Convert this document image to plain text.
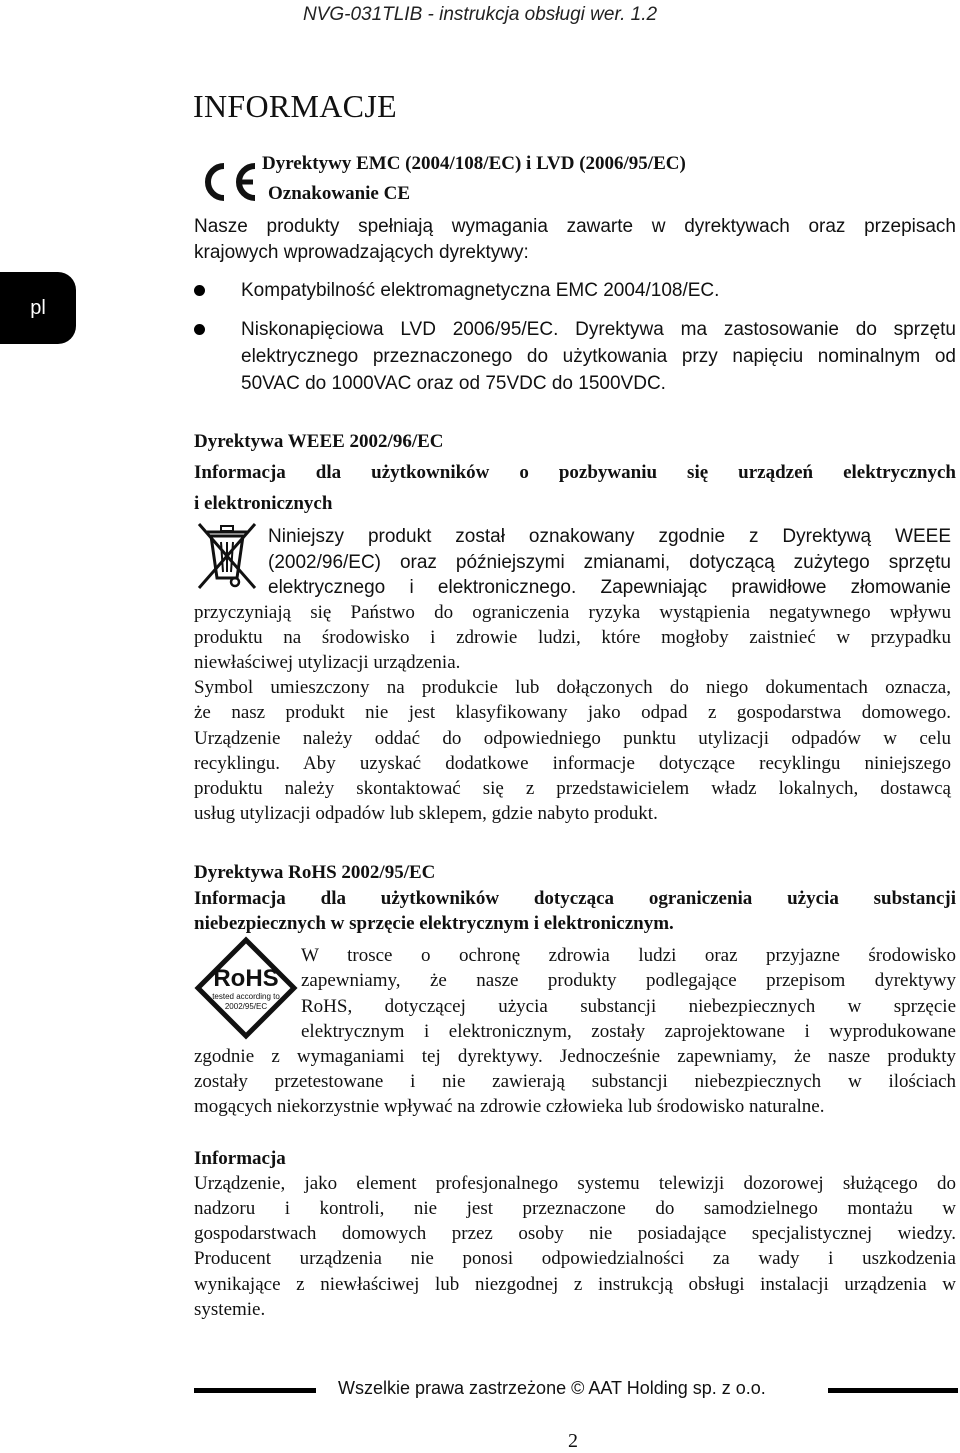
NVG-031TLIB - instrukcja obsługi wer. 1.2
pl
INFORMACJE
Dyrektywy EMC (2004/108/EC) i LVD (2006/95/EC)
Oznakowanie CE
Nasze produkty spełniają wymagania zawarte w dyrektywach oraz przepisach
krajowych wprowadzających dyrektywy:
Kompatybilność elektromagnetyczna EMC 2004/108/EC.
Niskonapięciowa LVD 2006/95/EC. Dyrektywa ma zastosowanie do sprzętu
elektrycznego przeznaczonego do użytkowania przy napięciu nominalnym od
50VAC do 1000VAC oraz od 75VDC do 1500VDC.
Dyrektywa WEEE 2002/96/EC
Informacja dla użytkowników o pozbywaniu się urządzeń elektrycznych
i elektronicznych
Niniejszy produkt został oznakowany zgodnie z Dyrektywą WEEE
(2002/96/EC) oraz późniejszymi zmianami, dotyczącą zużytego sprzętu
elektrycznego i elektronicznego. Zapewniając prawidłowe złomowanie
przyczyniają się Państwo do ograniczenia ryzyka wystąpienia negatywnego wpływu
produktu na środowisko i zdrowie ludzi, które mogłoby zaistnieć w przypadku
niewłaściwej utylizacji urządzenia.
Symbol umieszczony na produkcie lub dołączonych do niego dokumentach oznacza,
że nasz produkt nie jest klasyfikowany jako odpad z gospodarstwa domowego.
Urządzenie należy oddać do odpowiedniego punktu utylizacji odpadów w celu
recyklingu. Aby uzyskać dodatkowe informacje dotyczące recyklingu niniejszego
produktu należy skontaktować się z przedstawicielem władz lokalnych, dostawcą
usług utylizacji odpadów lub sklepem, gdzie nabyto produkt.
Dyrektywa RoHS 2002/95/EC
Informacja dla użytkowników dotycząca ograniczenia użycia substancji
niebezpiecznych w sprzęcie elektrycznym i elektronicznym.
RoHS
tested according to
2002/95/EC
W trosce o ochronę zdrowia ludzi oraz przyjazne środowisko
zapewniamy, że nasze produkty podlegające przepisom dyrektywy
RoHS, dotyczącej użycia substancji niebezpiecznych w sprzęcie
elektrycznym i elektronicznym, zostały zaprojektowane i wyprodukowane
zgodnie z wymaganiami tej dyrektywy. Jednocześnie zapewniamy, że nasze produkty
zostały przetestowane i nie zawierają substancji niebezpiecznych w ilościach
mogących niekorzystnie wpływać na zdrowie człowieka lub środowisko naturalne.
Informacja
Urządzenie, jako element profesjonalnego systemu telewizji dozorowej służącego do
nadzoru i kontroli, nie jest przeznaczone do samodzielnego montażu w
gospodarstwach domowych przez osoby nie posiadające specjalistycznej wiedzy.
Producent urządzenia nie ponosi odpowiedzialności za wady i uszkodzenia
wynikające z niewłaściwej lub niezgodnej z instrukcją obsługi instalacji urządzenia w
systemie.
Wszelkie prawa zastrzeżone © AAT Holding sp. z o.o.
2
